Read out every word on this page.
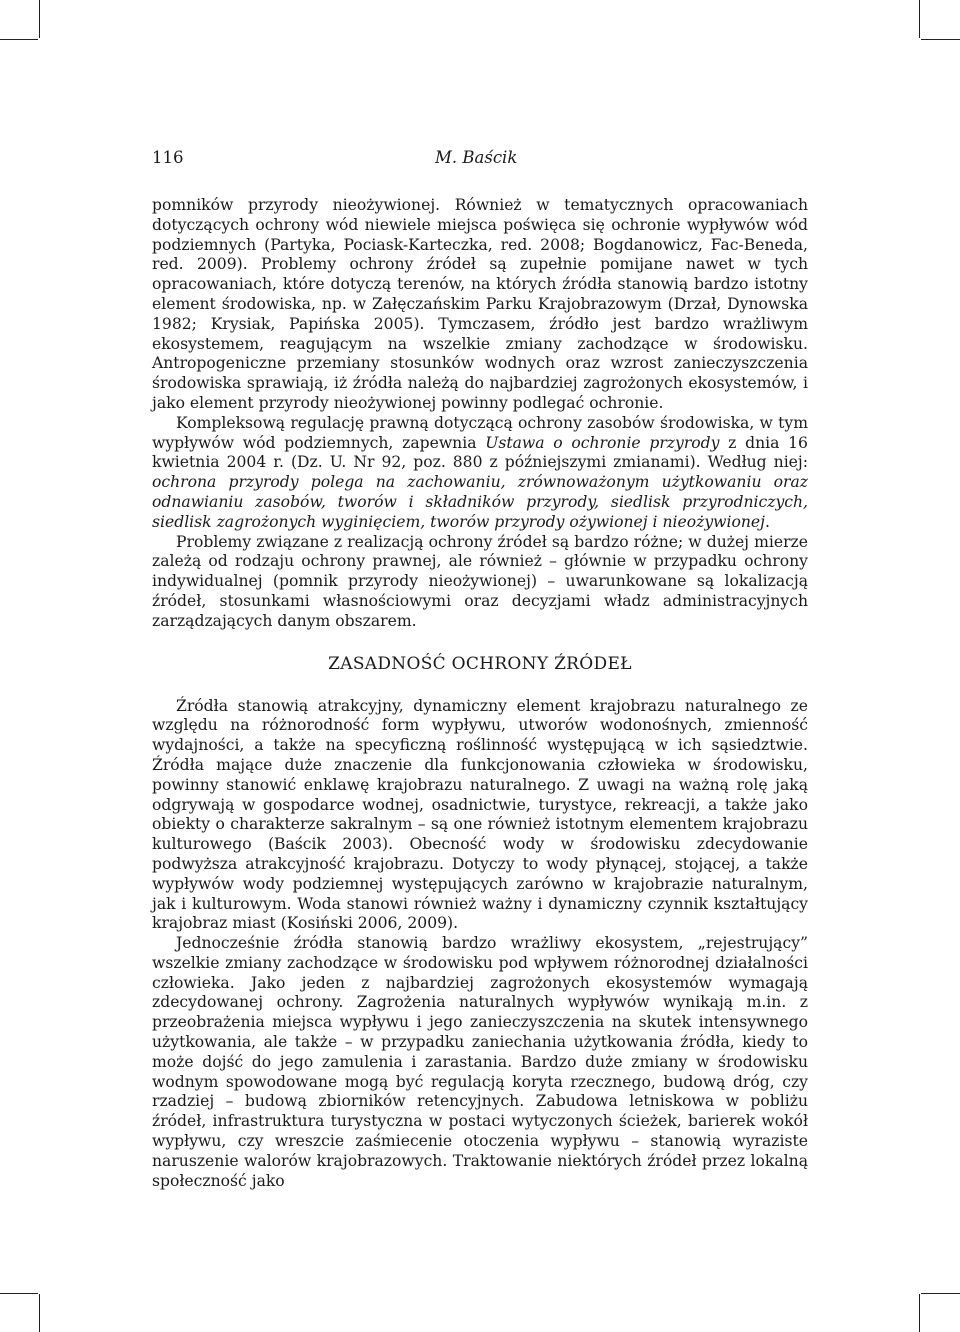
116	M. Baścik

pomników przyrody nieożywionej. Również w tematycznych opracowaniach dotyczących ochrony wód niewiele miejsca poświęca się ochronie wypływów wód podziemnych (Partyka, Pociask-Karteczka, red. 2008; Bogdanowicz, Fac-Beneda, red. 2009). Problemy ochrony źródeł są zupełnie pomijane nawet w tych opracowaniach, które dotyczą terenów, na których źródła stanowią bardzo istotny element środowiska, np. w Załęczańskim Parku Krajobrazowym (Drzał, Dynowska 1982; Krysiak, Papińska 2005). Tymczasem, źródło jest bardzo wrażliwym ekosystemem, reagującym na wszelkie zmiany zachodzące w środowisku. Antropogeniczne przemiany stosunków wodnych oraz wzrost zanieczyszczenia środowiska sprawiają, iż źródła należą do najbardziej zagrożonych ekosystemów, i jako element przyrody nieożywionej powinny podlegać ochronie.

Kompleksową regulację prawną dotyczącą ochrony zasobów środowiska, w tym wypływów wód podziemnych, zapewnia Ustawa o ochronie przyrody z dnia 16 kwietnia 2004 r. (Dz. U. Nr 92, poz. 880 z późniejszymi zmianami). Według niej: ochrona przyrody polega na zachowaniu, zrównoważonym użytkowaniu oraz odnawianiu zasobów, tworów i składników przyrody, siedlisk przyrodniczych, siedlisk zagrożonych wyginięciem, tworów przyrody ożywionej i nieożywionej.

Problemy związane z realizacją ochrony źródeł są bardzo różne; w dużej mierze zależą od rodzaju ochrony prawnej, ale również – głównie w przypadku ochrony indywidualnej (pomnik przyrody nieożywionej) – uwarunkowane są lokalizacją źródeł, stosunkami własnościowymi oraz decyzjami władz administracyjnych zarządzających danym obszarem.

ZASADNOŚĆ OCHRONY ŹRÓDEŁ

Źródła stanowią atrakcyjny, dynamiczny element krajobrazu naturalnego ze względu na różnorodność form wypływu, utworów wodonośnych, zmienność wydajności, a także na specyficzną roślinność występującą w ich sąsiedztwie. Źródła mające duże znaczenie dla funkcjonowania człowieka w środowisku, powinny stanowić enklawę krajobrazu naturalnego. Z uwagi na ważną rolę jaką odgrywają w gospodarce wodnej, osadnictwie, turystyce, rekreacji, a także jako obiekty o charakterze sakralnym – są one również istotnym elementem krajobrazu kulturowego (Baścik 2003). Obecność wody w środowisku zdecydowanie podwyższa atrakcyjność krajobrazu. Dotyczy to wody płynącej, stojącej, a także wypływów wody podziemnej występujących zarówno w krajobrazie naturalnym, jak i kulturowym. Woda stanowi również ważny i dynamiczny czynnik kształtujący krajobraz miast (Kosiński 2006, 2009).

Jednocześnie źródła stanowią bardzo wrażliwy ekosystem, „rejestrujący” wszelkie zmiany zachodzące w środowisku pod wpływem różnorodnej działalności człowieka. Jako jeden z najbardziej zagrożonych ekosystemów wymagają zdecydowanej ochrony. Zagrożenia naturalnych wypływów wynikają m.in. z przeobrażenia miejsca wypływu i jego zanieczyszczenia na skutek intensywnego użytkowania, ale także – w przypadku zaniechania użytkowania źródła, kiedy to może dojść do jego zamulenia i zarastania. Bardzo duże zmiany w środowisku wodnym spowodowane mogą być regulacją koryta rzecznego, budową dróg, czy rzadziej – budową zbiorników retencyjnych. Zabudowa letniskowa w pobliżu źródeł, infrastruktura turystyczna w postaci wytyczonych ścieżek, barierek wokół wypływu, czy wreszcie zaśmiecenie otoczenia wypływu – stanowią wyraziste naruszenie walorów krajobrazowych. Traktowanie niektórych źródeł przez lokalną społeczność jako
